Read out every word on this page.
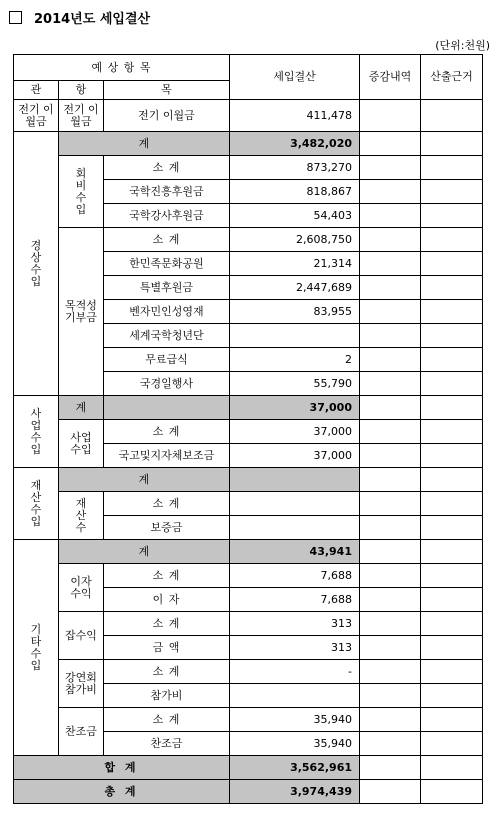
2014년도 세입결산
(단위:천원)
예 상 항 목			세입결산	증감내역	산출근거
관	항	목			
전기 이월금	전기 이월금	전기 이월금	411,478		
경상수입	계		3,482,020		
	회비수입	소 계	873,270		
		국학진흥후원금	818,867		
		국학강사후원금	54,403		
	목적성 기부금	소 계	2,608,750		
		한민족문화공원	21,314		
		특별후원금	2,447,689		
		벤자민인성영재	83,955		
		세계국학청년단			
		무료급식	2		
		국경일행사	55,790		
사업수입	계		37,000		
	사업 수입	소 계	37,000		
		국고및지자체보조금	37,000		
재산수입	계				
	재산수	소 계			
		보증금			
기타수입	계		43,941		
	이자 수익	소 계	7,688		
		이 자	7,688		
	잡수익	소 계	313		
		금 액	313		
	강연회 참가비	소 계	-		
		참가비			
	찬조금	소 계	35,940		
		찬조금	35,940		
합 계			3,562,961		
총 계			3,974,439		
